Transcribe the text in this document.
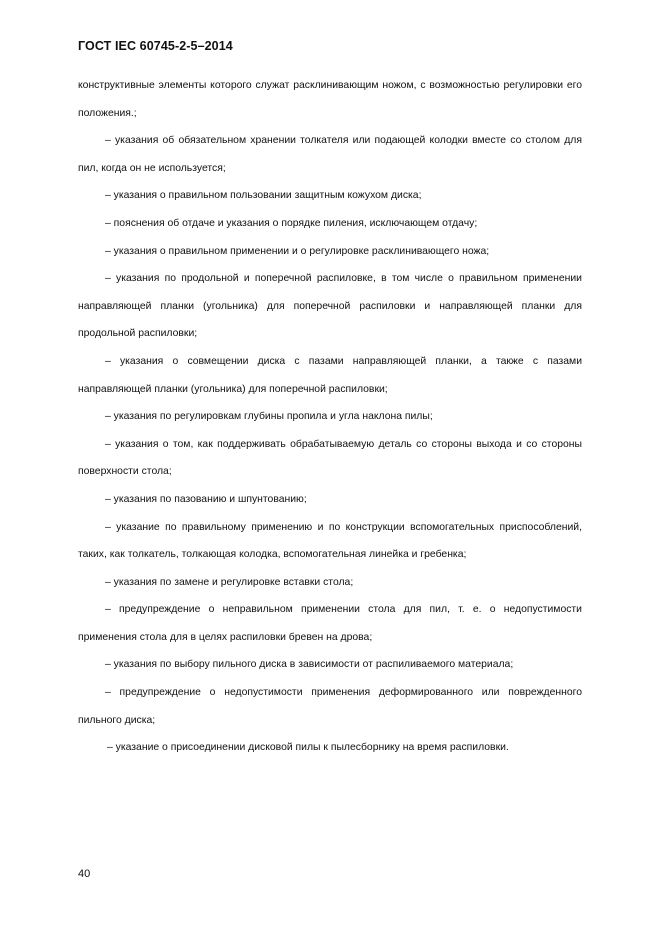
ГОСТ IEC 60745-2-5–2014

конструктивные элементы которого служат расклинивающим ножом, с возможностью регулировки его положения.;

– указания об обязательном хранении толкателя или подающей колодки вместе со столом для пил, когда он не используется;

– указания о правильном пользовании защитным кожухом диска;

– пояснения об отдаче и указания о порядке пиления, исключающем отдачу;

– указания о правильном применении и о регулировке расклинивающего ножа;

– указания по продольной и поперечной распиловке, в том числе о правильном применении направляющей планки (угольника) для поперечной распиловки и направляющей планки для продольной распиловки;

– указания о совмещении диска с пазами направляющей планки, а также с пазами направляющей планки (угольника) для поперечной распиловки;

– указания по регулировкам глубины пропила и угла наклона пилы;

– указания о том, как поддерживать обрабатываемую деталь со стороны выхода и со стороны поверхности стола;

– указания по пазованию и шпунтованию;

– указание по правильному применению и по конструкции вспомогательных приспособлений, таких, как толкатель, толкающая колодка, вспомогательная линейка и гребенка;

– указания по замене и регулировке вставки стола;

– предупреждение о неправильном применении стола для пил, т. е. о недопустимости применения стола для в целях распиловки бревен на дрова;

– указания по выбору пильного диска в зависимости от распиливаемого материала;

– предупреждение о недопустимости применения деформированного или поврежденного пильного диска;

– указание о присоединении дисковой пилы к пылесборнику на время распиловки.

40
